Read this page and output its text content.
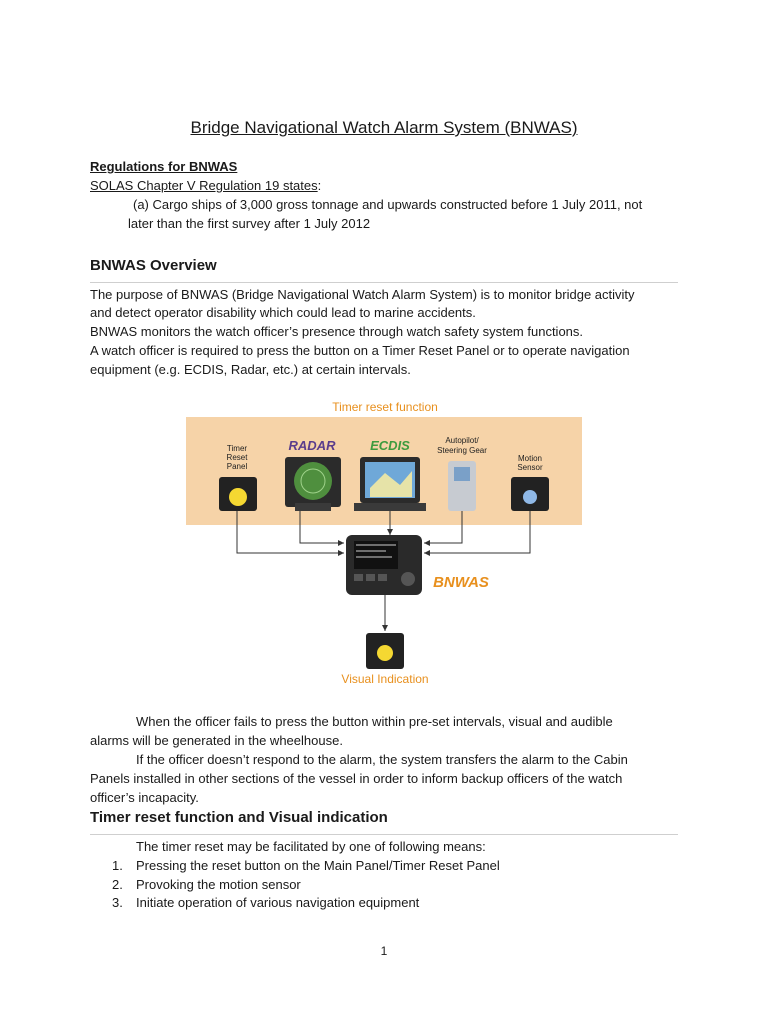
Bridge Navigational Watch Alarm System (BNWAS)

Regulations for BNWAS

SOLAS Chapter V Regulation 19 states:

(a) Cargo ships of 3,000 gross tonnage and upwards constructed before 1 July 2011, not

later than the first survey after 1 July 2012

BNWAS Overview

The purpose of BNWAS (Bridge Navigational Watch Alarm System) is to monitor bridge activity

and detect operator disability which could lead to marine accidents.

BNWAS monitors the watch officer’s presence through watch safety system functions.

A watch officer is required to press the button on a Timer Reset Panel or to operate navigation

equipment (e.g. ECDIS, Radar, etc.) at certain intervals.

Timer reset function
Timer
Reset
Panel
RADAR	ECDIS	Autopilot/
Steering Gear
Motion
Sensor
BNWAS
Visual Indication

When the officer fails to press the button within pre-set intervals, visual and audible

alarms will be generated in the wheelhouse.

If the officer doesn’t respond to the alarm, the system transfers the alarm to the Cabin

Panels installed in other sections of the vessel in order to inform backup officers of the watch

officer’s incapacity.

Timer reset function and Visual indication

The timer reset may be facilitated by one of following means:

1. Pressing the reset button on the Main Panel/Timer Reset Panel
2. Provoking the motion sensor
3. Initiate operation of various navigation equipment
1
